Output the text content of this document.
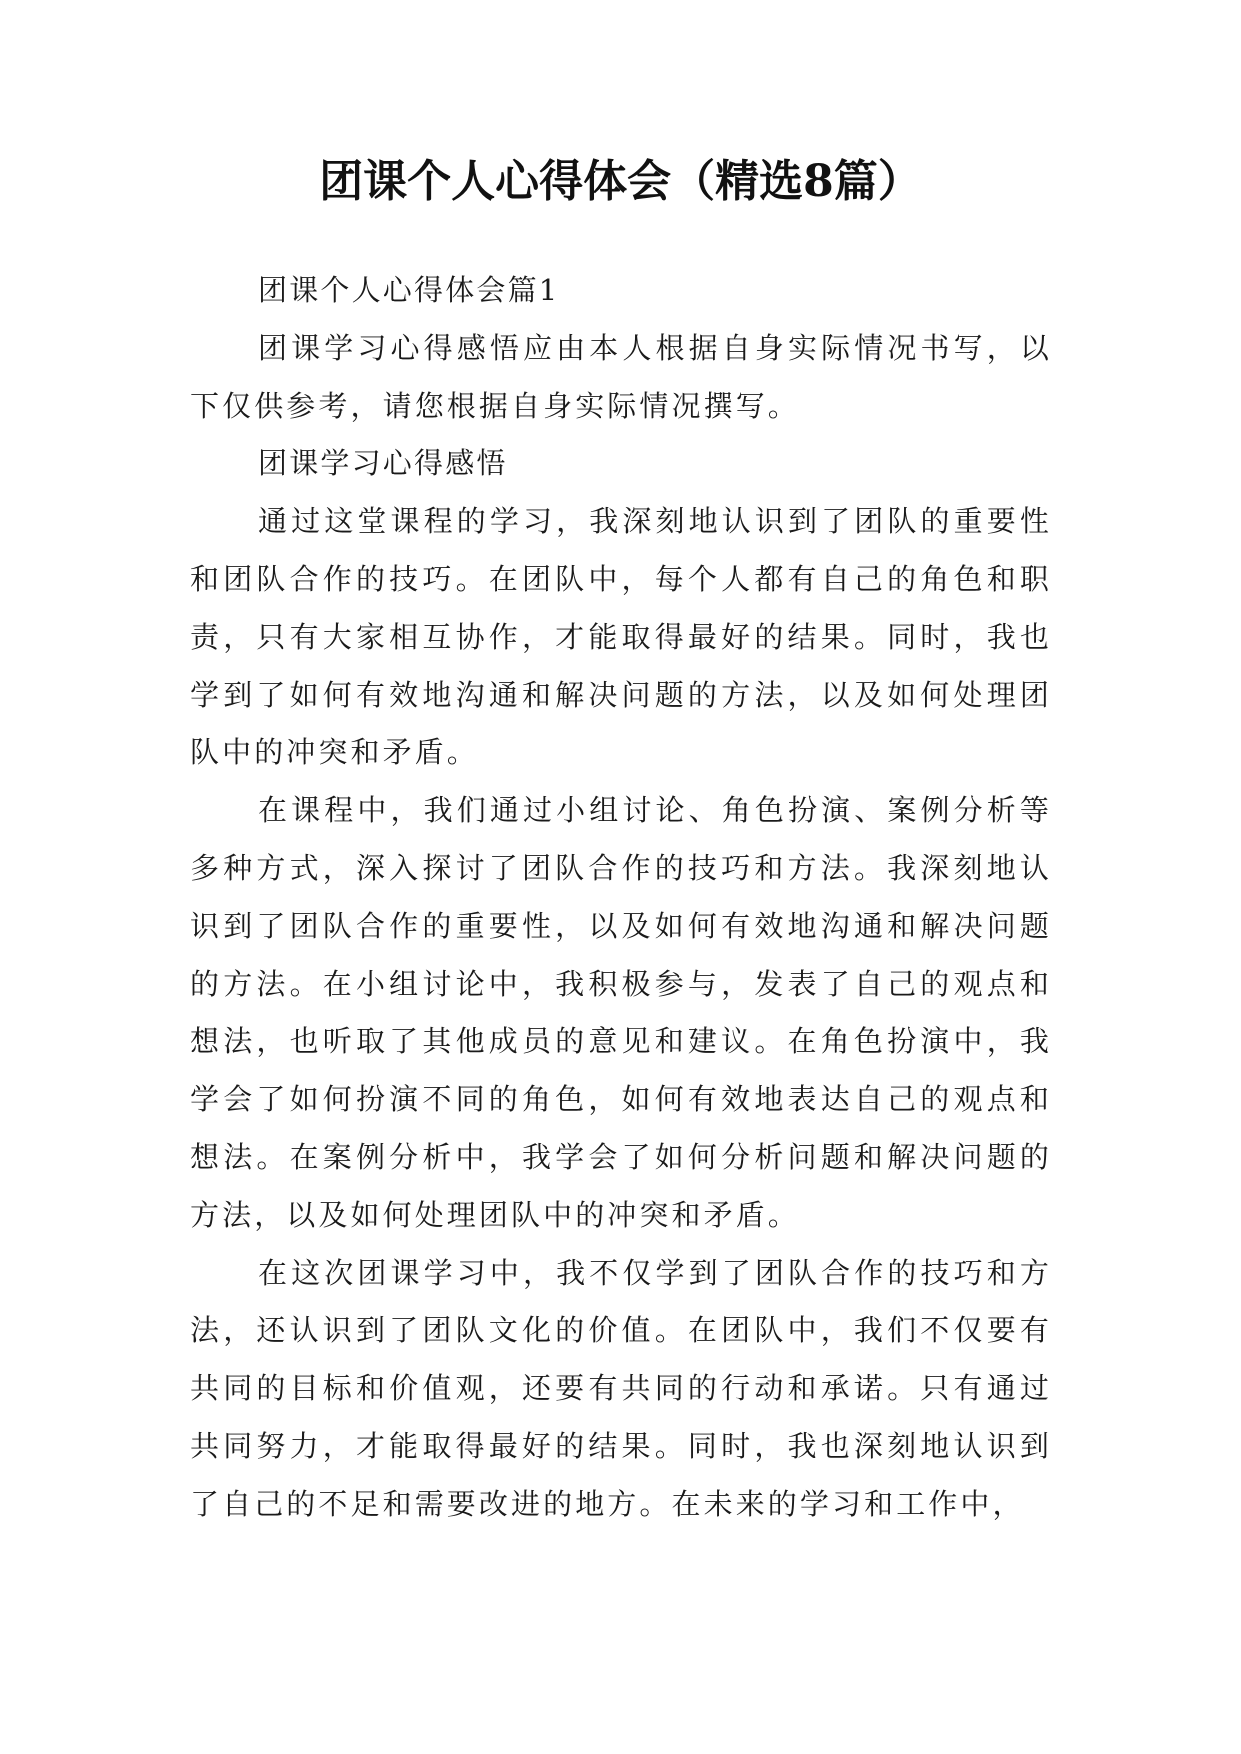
团课个人心得体会（精选8篇）

团课个人心得体会篇1

团课学习心得感悟应由本人根据自身实际情况书写，以下仅供参考，请您根据自身实际情况撰写。

团课学习心得感悟

通过这堂课程的学习，我深刻地认识到了团队的重要性和团队合作的技巧。在团队中，每个人都有自己的角色和职责，只有大家相互协作，才能取得最好的结果。同时，我也学到了如何有效地沟通和解决问题的方法，以及如何处理团队中的冲突和矛盾。

在课程中，我们通过小组讨论、角色扮演、案例分析等多种方式，深入探讨了团队合作的技巧和方法。我深刻地认识到了团队合作的重要性，以及如何有效地沟通和解决问题的方法。在小组讨论中，我积极参与，发表了自己的观点和想法，也听取了其他成员的意见和建议。在角色扮演中，我学会了如何扮演不同的角色，如何有效地表达自己的观点和想法。在案例分析中，我学会了如何分析问题和解决问题的方法，以及如何处理团队中的冲突和矛盾。

在这次团课学习中，我不仅学到了团队合作的技巧和方法，还认识到了团队文化的价值。在团队中，我们不仅要有共同的目标和价值观，还要有共同的行动和承诺。只有通过共同努力，才能取得最好的结果。同时，我也深刻地认识到了自己的不足和需要改进的地方。在未来的学习和工作中，
